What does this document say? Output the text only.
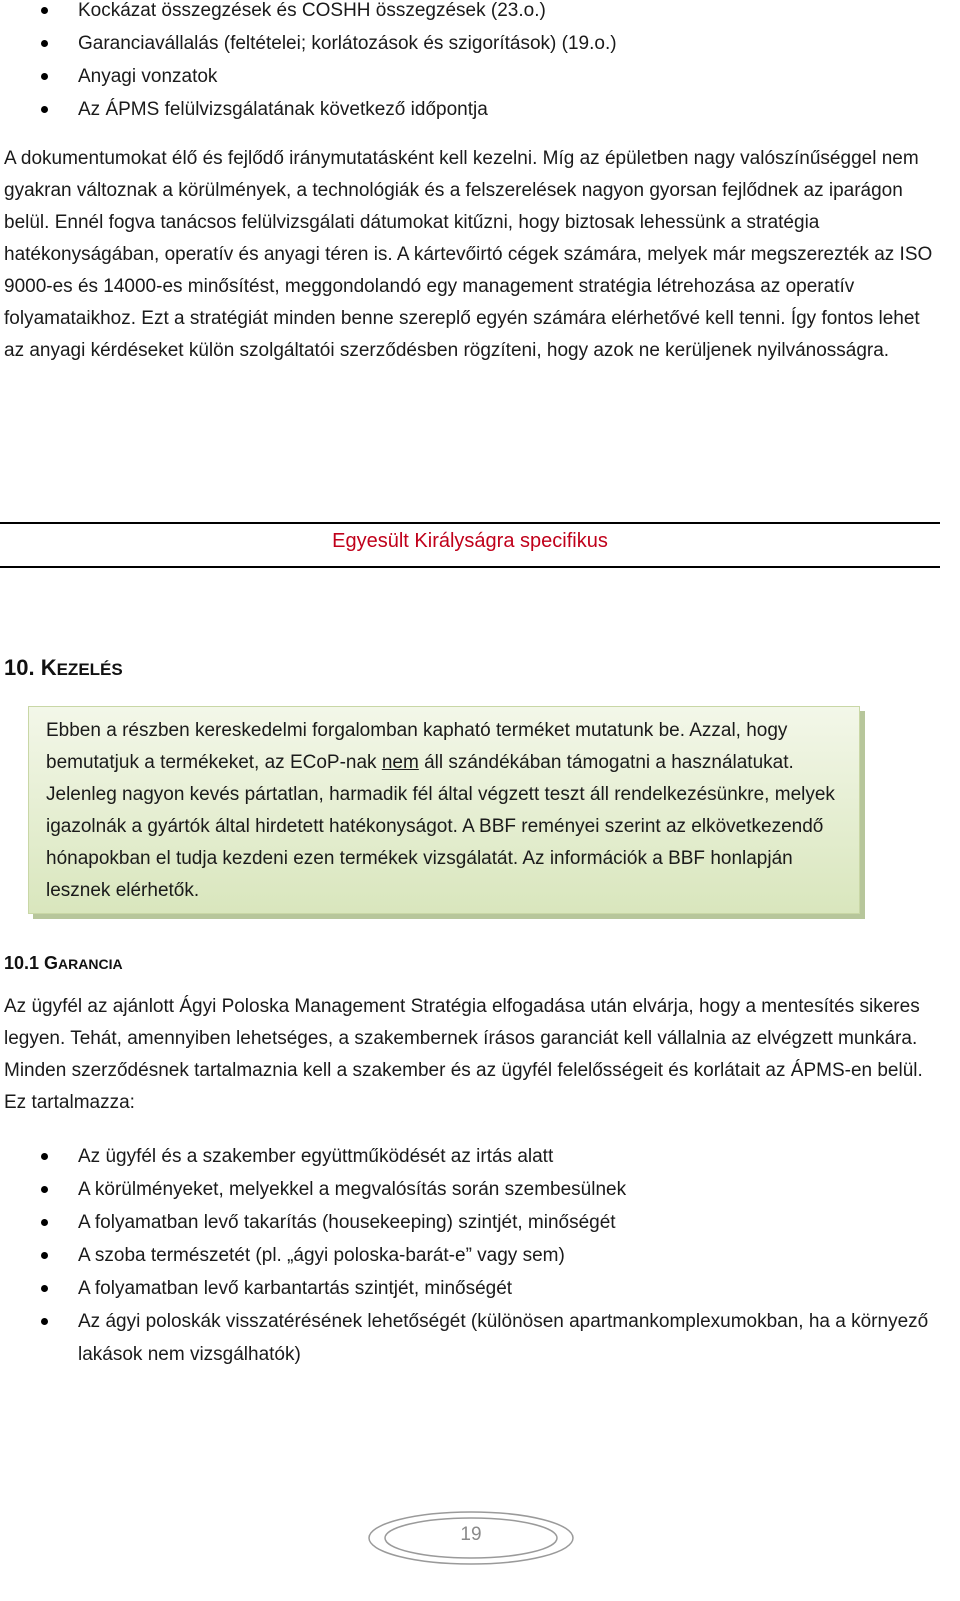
Kockázat összegzések és COSHH összegzések (23.o.)
Garanciavállalás (feltételei; korlátozások és szigorítások) (19.o.)
Anyagi vonzatok
Az ÁPMS felülvizsgálatának következő időpontja

A dokumentumokat élő és fejlődő iránymutatásként kell kezelni. Míg az épületben nagy valószínűséggel nem gyakran változnak a körülmények, a technológiák és a felszerelések nagyon gyorsan fejlődnek az iparágon belül. Ennél fogva tanácsos felülvizsgálati dátumokat kitűzni, hogy biztosak lehessünk a stratégia hatékonyságában, operatív és anyagi téren is. A kártevőirtó cégek számára, melyek már megszerezték az ISO 9000-es és 14000-es minősítést, meggondolandó egy management stratégia létrehozása az operatív folyamataikhoz. Ezt a stratégiát minden benne szereplő egyén számára elérhetővé kell tenni. Így fontos lehet az anyagi kérdéseket külön szolgáltatói szerződésben rögzíteni, hogy azok ne kerüljenek nyilvánosságra.

Egyesült Királyságra specifikus
10. KEZELÉS

Ebben a részben kereskedelmi forgalomban kapható terméket mutatunk be. Azzal, hogy bemutatjuk a termékeket, az ECoP-nak nem áll szándékában támogatni a használatukat. Jelenleg nagyon kevés pártatlan, harmadik fél által végzett teszt áll rendelkezésünkre, melyek igazolnák a gyártók által hirdetett hatékonyságot. A BBF reményei szerint az elkövetkezendő hónapokban el tudja kezdeni ezen termékek vizsgálatát. Az információk a BBF honlapján lesznek elérhetők.

10.1 GARANCIA

Az ügyfél az ajánlott Ágyi Poloska Management Stratégia elfogadása után elvárja, hogy a mentesítés sikeres legyen. Tehát, amennyiben lehetséges, a szakembernek írásos garanciát kell vállalnia az elvégzett munkára. Minden szerződésnek tartalmaznia kell a szakember és az ügyfél felelősségeit és korlátait az ÁPMS-en belül. Ez tartalmazza:

Az ügyfél és a szakember együttműködését az irtás alatt
A körülményeket, melyekkel a megvalósítás során szembesülnek
A folyamatban levő takarítás (housekeeping) szintjét, minőségét
A szoba természetét (pl. „ágyi poloska-barát-e” vagy sem)
A folyamatban levő karbantartás szintjét, minőségét
Az ágyi poloskák visszatérésének lehetőségét (különösen apartmankomplexumokban, ha a környező lakások nem vizsgálhatók)
19
